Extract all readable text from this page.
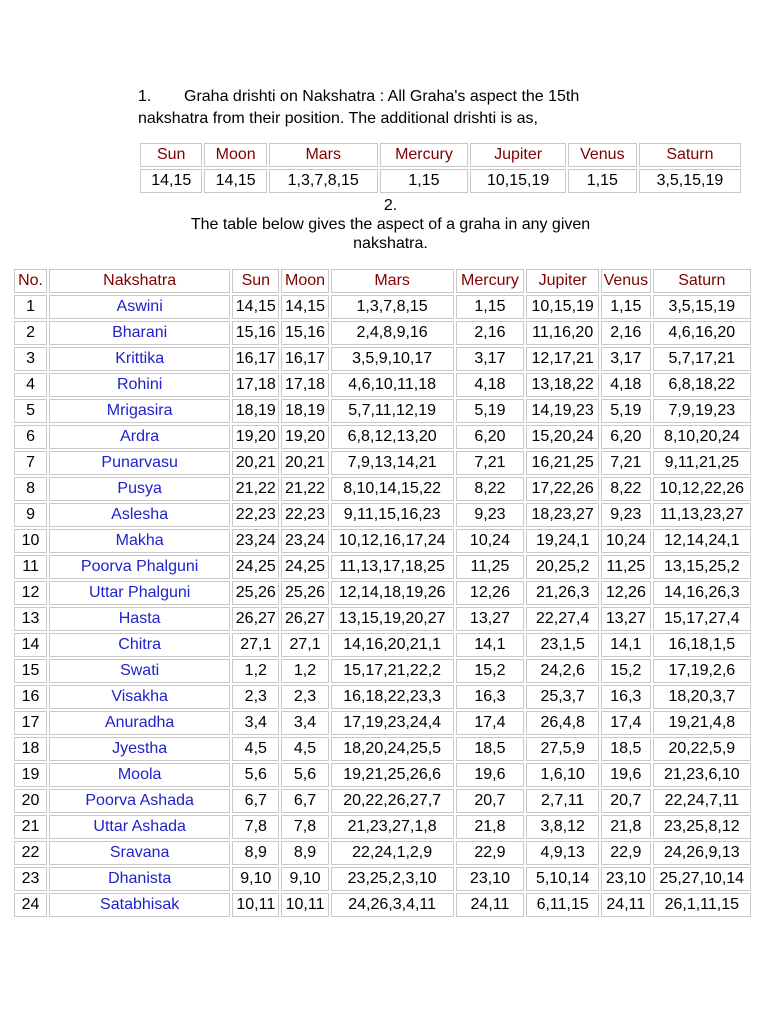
1. Graha drishti on Nakshatra : All Graha's aspect the 15th
nakshatra from their position. The additional drishti is as,
Sun	Moon	Mars	Mercury	Jupiter	Venus	Saturn
14,15	14,15	1,3,7,8,15	1,15	10,15,19	1,15	3,5,15,19
2.
The table below gives the aspect of a graha in any given
nakshatra.
No.	Nakshatra	Sun	Moon	Mars	Mercury	Jupiter	Venus	Saturn
1	Aswini	14,15	14,15	1,3,7,8,15	1,15	10,15,19	1,15	3,5,15,19
2	Bharani	15,16	15,16	2,4,8,9,16	2,16	11,16,20	2,16	4,6,16,20
3	Krittika	16,17	16,17	3,5,9,10,17	3,17	12,17,21	3,17	5,7,17,21
4	Rohini	17,18	17,18	4,6,10,11,18	4,18	13,18,22	4,18	6,8,18,22
5	Mrigasira	18,19	18,19	5,7,11,12,19	5,19	14,19,23	5,19	7,9,19,23
6	Ardra	19,20	19,20	6,8,12,13,20	6,20	15,20,24	6,20	8,10,20,24
7	Punarvasu	20,21	20,21	7,9,13,14,21	7,21	16,21,25	7,21	9,11,21,25
8	Pusya	21,22	21,22	8,10,14,15,22	8,22	17,22,26	8,22	10,12,22,26
9	Aslesha	22,23	22,23	9,11,15,16,23	9,23	18,23,27	9,23	11,13,23,27
10	Makha	23,24	23,24	10,12,16,17,24	10,24	19,24,1	10,24	12,14,24,1
11	Poorva Phalguni	24,25	24,25	11,13,17,18,25	11,25	20,25,2	11,25	13,15,25,2
12	Uttar Phalguni	25,26	25,26	12,14,18,19,26	12,26	21,26,3	12,26	14,16,26,3
13	Hasta	26,27	26,27	13,15,19,20,27	13,27	22,27,4	13,27	15,17,27,4
14	Chitra	27,1	27,1	14,16,20,21,1	14,1	23,1,5	14,1	16,18,1,5
15	Swati	1,2	1,2	15,17,21,22,2	15,2	24,2,6	15,2	17,19,2,6
16	Visakha	2,3	2,3	16,18,22,23,3	16,3	25,3,7	16,3	18,20,3,7
17	Anuradha	3,4	3,4	17,19,23,24,4	17,4	26,4,8	17,4	19,21,4,8
18	Jyestha	4,5	4,5	18,20,24,25,5	18,5	27,5,9	18,5	20,22,5,9
19	Moola	5,6	5,6	19,21,25,26,6	19,6	1,6,10	19,6	21,23,6,10
20	Poorva Ashada	6,7	6,7	20,22,26,27,7	20,7	2,7,11	20,7	22,24,7,11
21	Uttar Ashada	7,8	7,8	21,23,27,1,8	21,8	3,8,12	21,8	23,25,8,12
22	Sravana	8,9	8,9	22,24,1,2,9	22,9	4,9,13	22,9	24,26,9,13
23	Dhanista	9,10	9,10	23,25,2,3,10	23,10	5,10,14	23,10	25,27,10,14
24	Satabhisak	10,11	10,11	24,26,3,4,11	24,11	6,11,15	24,11	26,1,11,15
